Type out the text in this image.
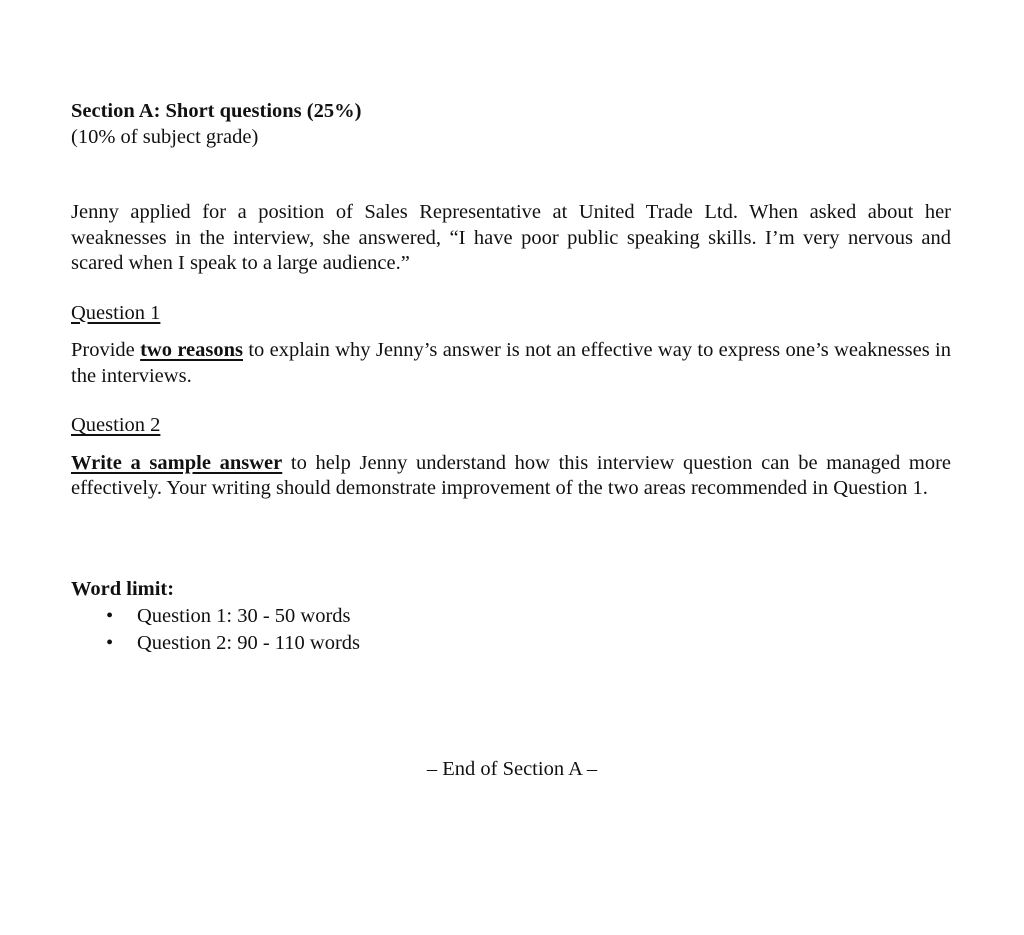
Section A: Short questions (25%)
(10% of subject grade)
Jenny applied for a position of Sales Representative at United Trade Ltd. When asked about her weaknesses in the interview, she answered, “I have poor public speaking skills. I’m very nervous and scared when I speak to a large audience.”
Question 1
Provide two reasons to explain why Jenny’s answer is not an effective way to express one’s weaknesses in the interviews.
Question 2
Write a sample answer to help Jenny understand how this interview question can be managed more effectively. Your writing should demonstrate improvement of the two areas recommended in Question 1.
Word limit:
• Question 1: 30 - 50 words
• Question 2: 90 - 110 words
– End of Section A –
